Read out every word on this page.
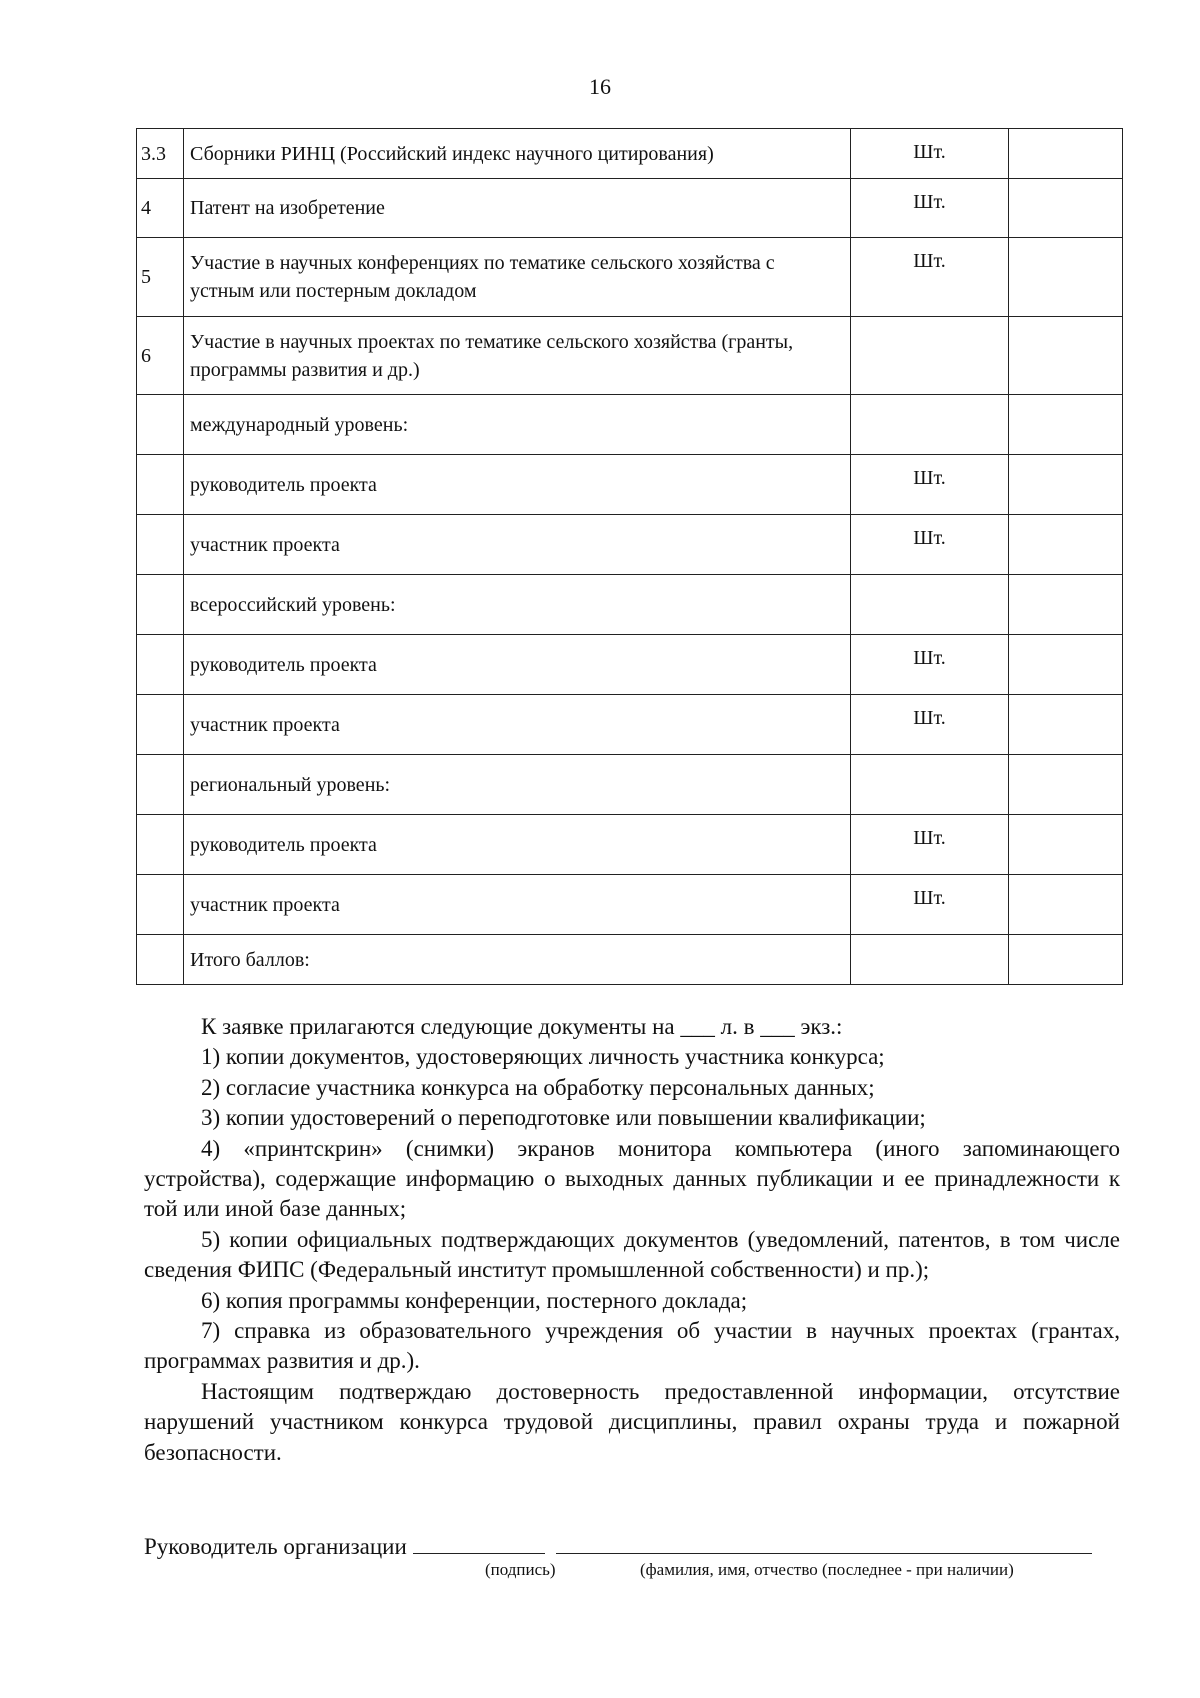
16
3.3	Сборники РИНЦ (Российский индекс научного цитирования)	Шт.	
4	Патент на изобретение	Шт.	
5	Участие в научных конференциях по тематике сельского хозяйства с устным или постерным докладом	Шт.	
6	Участие в научных проектах по тематике сельского хозяйства (гранты, программы развития и др.)		
	международный уровень:		
	руководитель проекта	Шт.	
	участник проекта	Шт.	
	всероссийский уровень:		
	руководитель проекта	Шт.	
	участник проекта	Шт.	
	региональный уровень:		
	руководитель проекта	Шт.	
	участник проекта	Шт.	
	Итого баллов:		

К заявке прилагаются следующие документы на ___ л. в ___ экз.:

1) копии документов, удостоверяющих личность участника конкурса;

2) согласие участника конкурса на обработку персональных данных;

3) копии удостоверений о переподготовке или повышении квалификации;

4) «принтскрин» (снимки) экранов монитора компьютера (иного запоминающего устройства), содержащие информацию о выходных данных публикации и ее принадлежности к той или иной базе данных;

5) копии официальных подтверждающих документов (уведомлений, патентов, в том числе сведения ФИПС (Федеральный институт промышленной собственности) и пр.);

6) копия программы конференции, постерного доклада;

7) справка из образовательного учреждения об участии в научных проектах (грантах, программах развития и др.).

Настоящим подтверждаю достоверность предоставленной информации, отсутствие нарушений участником конкурса трудовой дисциплины, правил охраны труда и пожарной безопасности.

Руководитель организации
(подпись)	(фамилия, имя, отчество (последнее - при наличии)
